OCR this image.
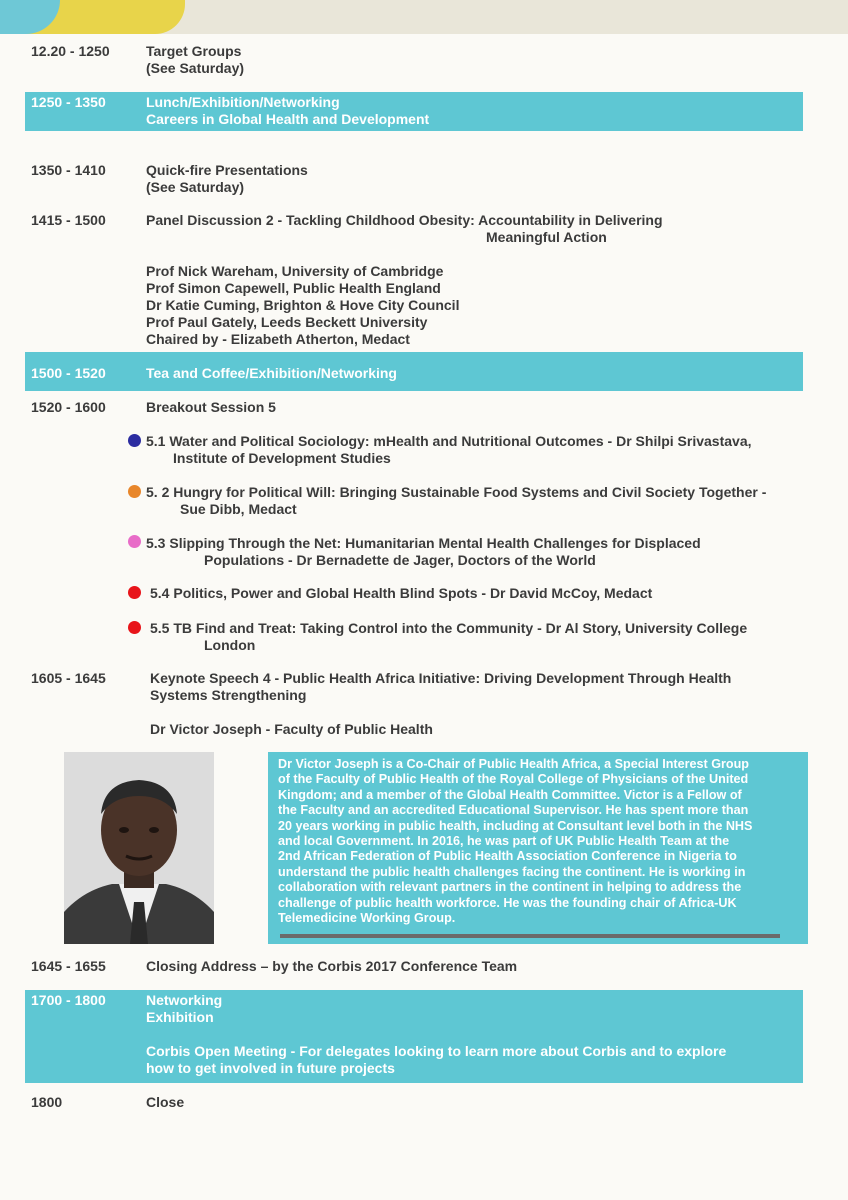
12.20 - 1250	Target Groups
(See Saturday)
1250 - 1350	Lunch/Exhibition/Networking
Careers in Global Health and Development
1350 - 1410	Quick-fire Presentations
(See Saturday)
1415 - 1500	Panel Discussion 2 - Tackling Childhood Obesity: Accountability in Delivering
Meaningful Action
Prof Nick Wareham, University of Cambridge
Prof Simon Capewell, Public Health England
Dr Katie Cuming, Brighton & Hove City Council
Prof Paul Gately, Leeds Beckett University
Chaired by - Elizabeth Atherton, Medact
1500 - 1520	Tea and Coffee/Exhibition/Networking
1520 - 1600	Breakout Session 5
5.1 Water and Political Sociology: mHealth and Nutritional Outcomes - Dr Shilpi Srivastava,
Institute of Development Studies
5. 2 Hungry for Political Will: Bringing Sustainable Food Systems and Civil Society Together -
Sue Dibb, Medact
5.3 Slipping Through the Net: Humanitarian Mental Health Challenges for Displaced
Populations - Dr Bernadette de Jager, Doctors of the World
5.4 Politics, Power and Global Health Blind Spots - Dr David McCoy, Medact
5.5 TB Find and Treat: Taking Control into the Community - Dr Al Story, University College
London
1605 - 1645	Keynote Speech 4 - Public Health Africa Initiative: Driving Development Through Health
Systems Strengthening
Dr Victor Joseph - Faculty of Public Health
Dr Victor Joseph is a Co-Chair of Public Health Africa, a Special Interest Group
of the Faculty of Public Health of the Royal College of Physicians of the United
Kingdom; and a member of the Global Health Committee. Victor is a Fellow of
the Faculty and an accredited Educational Supervisor. He has spent more than
20 years working in public health, including at Consultant level both in the NHS
and local Government. In 2016, he was part of UK Public Health Team at the
2nd African Federation of Public Health Association Conference in Nigeria to
understand the public health challenges facing the continent. He is working in
collaboration with relevant partners in the continent in helping to address the
challenge of public health workforce. He was the founding chair of Africa-UK
Telemedicine Working Group.
1645 - 1655	Closing Address – by the Corbis 2017 Conference Team
1700 - 1800	Networking
Exhibition
Corbis Open Meeting - For delegates looking to learn more about Corbis and to explore
how to get involved in future projects
1800	Close
